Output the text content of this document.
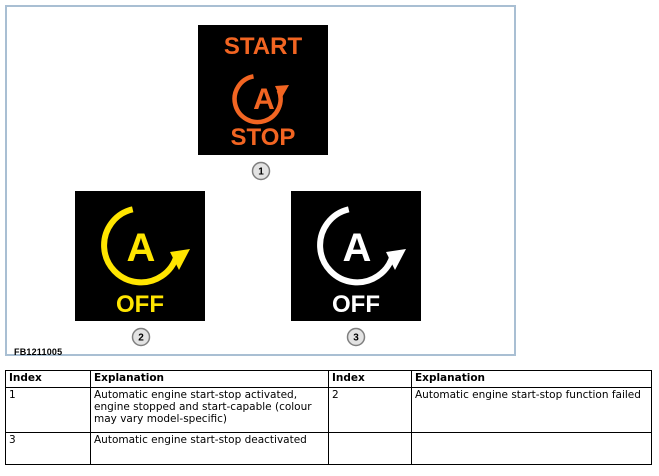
START
A
STOP
1
A
OFF
2
A
OFF
3
FB1211005
Index	Explanation	Index	Explanation
1	Automatic engine start-stop activated, engine stopped and start-capable (colour may vary model-specific)	2	Automatic engine start-stop function failed
3	Automatic engine start-stop deactivated		
